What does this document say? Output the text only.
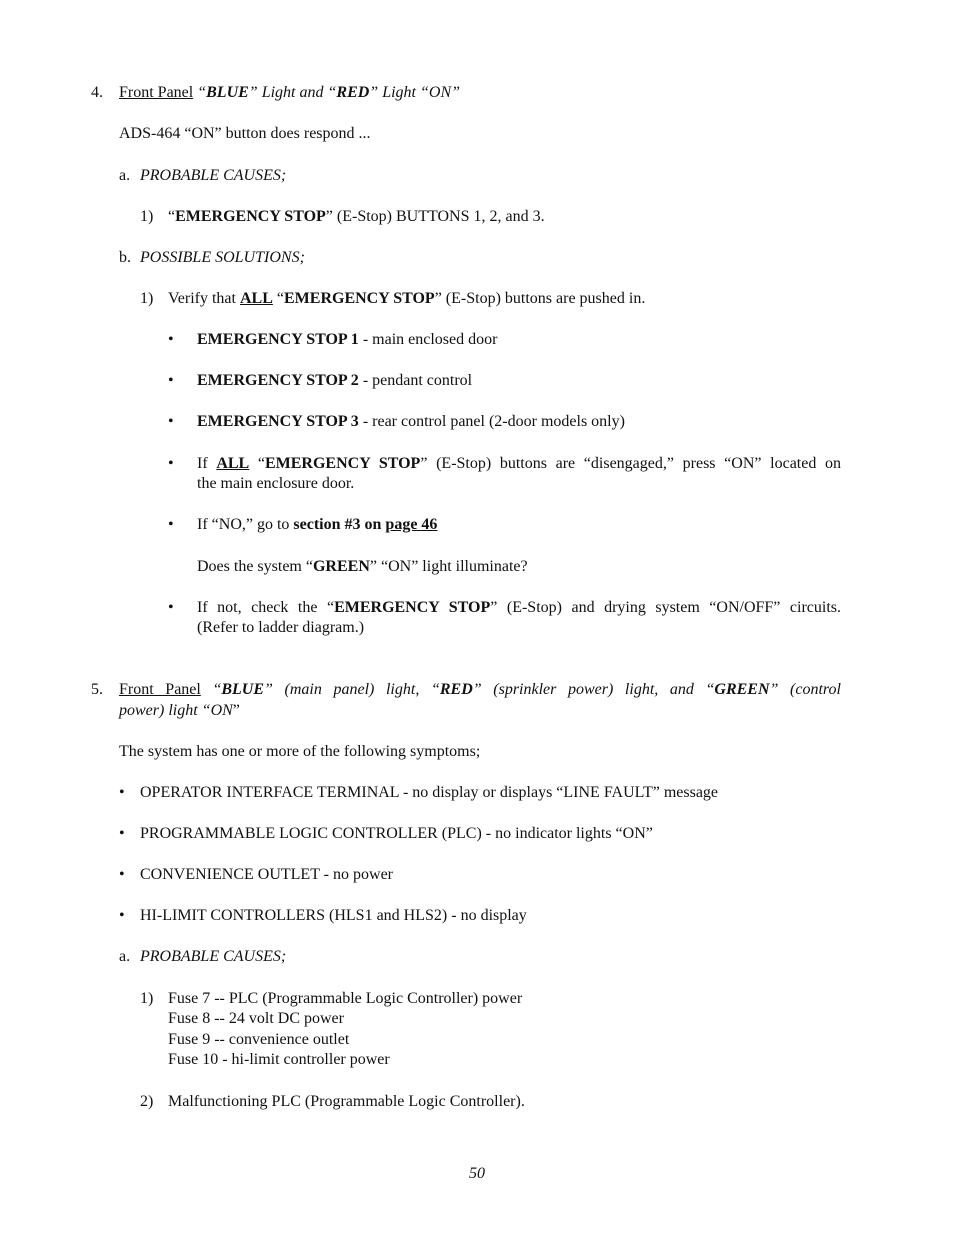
4. Front Panel “BLUE” Light and “RED” Light “ON”
ADS-464 “ON” button does respond ...
a. PROBABLE CAUSES;
1) “EMERGENCY STOP” (E-Stop) BUTTONS 1, 2, and 3.
b. POSSIBLE SOLUTIONS;
1) Verify that ALL “EMERGENCY STOP” (E-Stop) buttons are pushed in.
• EMERGENCY STOP 1 - main enclosed door
• EMERGENCY STOP 2 - pendant control
• EMERGENCY STOP 3 - rear control panel (2-door models only)
• If ALL “EMERGENCY STOP” (E-Stop) buttons are “disengaged,” press “ON” located on
the main enclosure door.
• If “NO,” go to section #3 on page 46
Does the system “GREEN” “ON” light illuminate?
• If not, check the “EMERGENCY STOP” (E-Stop) and drying system “ON/OFF” circuits.
(Refer to ladder diagram.)
5. Front Panel “BLUE” (main panel) light, “RED” (sprinkler power) light, and “GREEN” (control
power) light “ON”
The system has one or more of the following symptoms;
• OPERATOR INTERFACE TERMINAL - no display or displays “LINE FAULT” message
• PROGRAMMABLE LOGIC CONTROLLER (PLC) - no indicator lights “ON”
• CONVENIENCE OUTLET - no power
• HI-LIMIT CONTROLLERS (HLS1 and HLS2) - no display
a. PROBABLE CAUSES;
1) Fuse 7 -- PLC (Programmable Logic Controller) power
Fuse 8 -- 24 volt DC power
Fuse 9 -- convenience outlet
Fuse 10 - hi-limit controller power
2) Malfunctioning PLC (Programmable Logic Controller).
50
